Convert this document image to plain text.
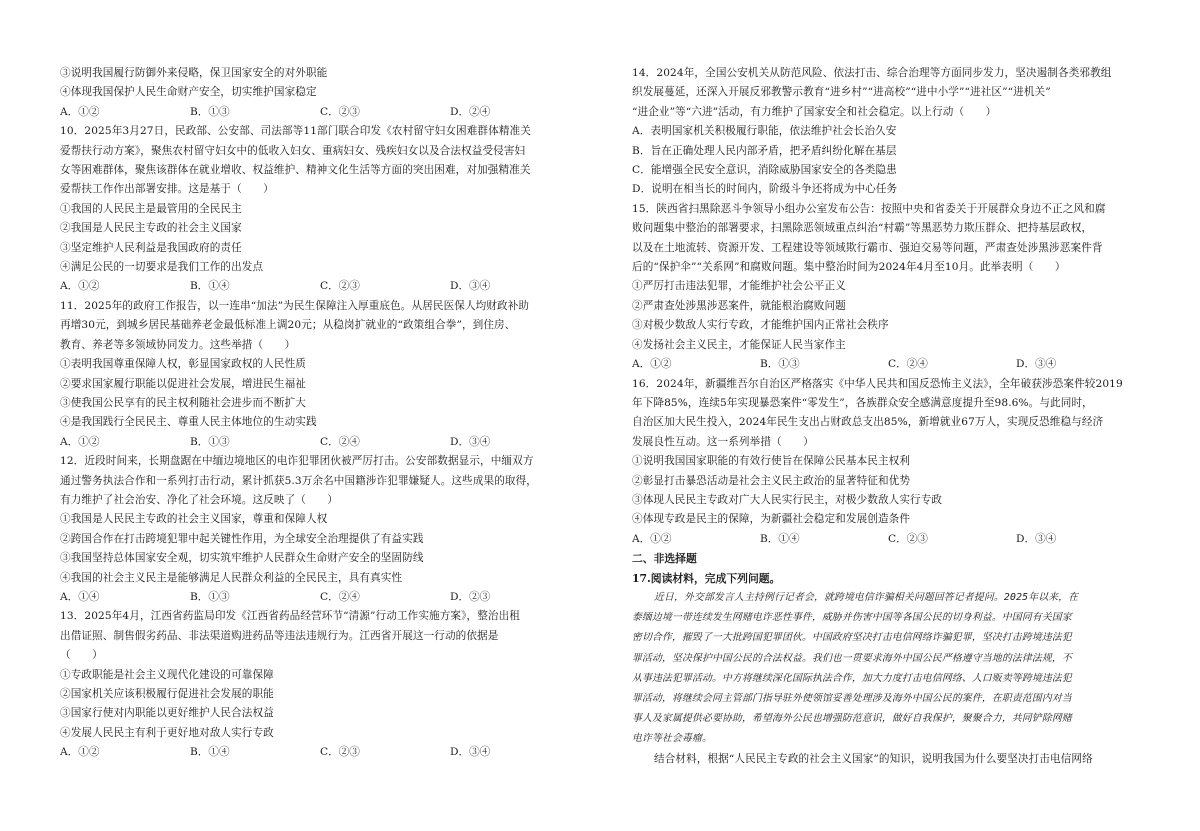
③说明我国履行防御外来侵略，保卫国家安全的对外职能
④体现我国保护人民生命财产安全，切实维护国家稳定
A．①②	B．①③	C．②③	D．②④
10．2025年3月27日，民政部、公安部、司法部等11部门联合印发《农村留守妇女困难群体精准关
爱帮扶行动方案》，聚焦农村留守妇女中的低收入妇女、重病妇女、残疾妇女以及合法权益受侵害妇
女等困难群体，聚焦该群体在就业增收、权益维护、精神文化生活等方面的突出困难，对加强精准关
爱帮扶工作作出部署安排。这是基于（　　）
①我国的人民民主是最管用的全民民主
②我国是人民民主专政的社会主义国家
③坚定维护人民利益是我国政府的责任
④满足公民的一切要求是我们工作的出发点
A．①②	B．①④	C．②③	D．③④
11．2025年的政府工作报告，以一连串“加法”为民生保障注入厚重底色。从居民医保人均财政补助
再增30元，到城乡居民基础养老金最低标准上调20元；从稳岗扩就业的“政策组合拳”，到住房、
教育、养老等多领域协同发力。这些举措（　　）
①表明我国尊重保障人权，彰显国家政权的人民性质
②要求国家履行职能以促进社会发展，增进民生福祉
③使我国公民享有的民主权利随社会进步而不断扩大
④是我国践行全民民主、尊重人民主体地位的生动实践
A．①②	B．①③	C．②④	D．③④
12．近段时间来，长期盘踞在中缅边境地区的电诈犯罪团伙被严厉打击。公安部数据显示，中缅双方
通过警务执法合作和一系列打击行动，累计抓获5.3万余名中国籍涉诈犯罪嫌疑人。这些成果的取得，
有力维护了社会治安、净化了社会环境。这反映了（　　）
①我国是人民民主专政的社会主义国家，尊重和保障人权
②跨国合作在打击跨境犯罪中起关键性作用，为全球安全治理提供了有益实践
③我国坚持总体国家安全观，切实筑牢维护人民群众生命财产安全的坚固防线
④我国的社会主义民主是能够满足人民群众利益的全民民主，具有真实性
A．①④	B．①③	C．②④	D．②③
13．2025年4月，江西省药监局印发《江西省药品经营环节“清源”行动工作实施方案》，整治出租
出借证照、制售假劣药品、非法渠道购进药品等违法违规行为。江西省开展这一行动的依据是
（　　）
①专政职能是社会主义现代化建设的可靠保障
②国家机关应该积极履行促进社会发展的职能
③国家行使对内职能以更好维护人民合法权益
④发展人民民主有利于更好地对敌人实行专政
A．①②	B．①④	C．②③	D．③④
14．2024年，全国公安机关从防范风险、依法打击、综合治理等方面同步发力，坚决遏制各类邪教组
织发展蔓延，还深入开展反邪教警示教育“进乡村”“进高校”“进中小学”“进社区”“进机关”
“进企业”等“六进”活动，有力维护了国家安全和社会稳定。以上行动（　　）
A．表明国家机关积极履行职能，依法维护社会长治久安
B．旨在正确处理人民内部矛盾，把矛盾纠纷化解在基层
C．能增强全民安全意识，消除威胁国家安全的各类隐患
D．说明在相当长的时间内，阶级斗争还将成为中心任务
15．陕西省扫黑除恶斗争领导小组办公室发布公告：按照中央和省委关于开展群众身边不正之风和腐
败问题集中整治的部署要求，扫黑除恶领域重点纠治“村霸”等黑恶势力欺压群众、把持基层政权，
以及在土地流转、资源开发、工程建设等领域欺行霸市、强迫交易等问题，严肃查处涉黑涉恶案件背
后的“保护伞”“关系网”和腐败问题。集中整治时间为2024年4月至10月。此举表明（　　）
①严厉打击违法犯罪，才能维护社会公平正义
②严肃查处涉黑涉恶案件，就能根治腐败问题
③对极少数敌人实行专政，才能维护国内正常社会秩序
④发扬社会主义民主，才能保证人民当家作主
A．①②	B．①③	C．②④	D．③④
16．2024年，新疆维吾尔自治区严格落实《中华人民共和国反恐怖主义法》，全年破获涉恐案件较2019
年下降85%，连续5年实现暴恐案件“零发生”，各族群众安全感满意度提升至98.6%。与此同时，
自治区加大民生投入，2024年民生支出占财政总支出85%，新增就业67万人，实现反恐维稳与经济
发展良性互动。这一系列举措（　　）
①说明我国国家职能的有效行使旨在保障公民基本民主权利
②彰显打击暴恐活动是社会主义民主政治的显著特征和优势
③体现人民民主专政对广大人民实行民主，对极少数敌人实行专政
④体现专政是民主的保障，为新疆社会稳定和发展创造条件
A．①②	B．①④	C．②③	D．③④
二、非选择题
17.阅读材料，完成下列问题。
近日，外交部发言人主持例行记者会，就跨境电信诈骗相关问题回答记者提问。2025年以来，在
泰缅边境一带连续发生网赌电诈恶性事件，威胁并伤害中国等各国公民的切身利益。中国同有关国家
密切合作，摧毁了一大批跨国犯罪团伙。中国政府坚决打击电信网络诈骗犯罪，坚决打击跨境违法犯
罪活动，坚决保护中国公民的合法权益。我们也一贯要求海外中国公民严格遵守当地的法律法规，不
从事违法犯罪活动。中方将继续深化国际执法合作，加大力度打击电信网络、人口贩卖等跨境违法犯
罪活动，将继续会同主管部门指导驻外使领馆妥善处理涉及海外中国公民的案件，在职责范围内对当
事人及家属提供必要协助，希望海外公民也增强防范意识，做好自我保护，聚聚合力，共同铲除网赌
电诈等社会毒瘤。
结合材料，根据“人民民主专政的社会主义国家”的知识，说明我国为什么要坚决打击电信网络
